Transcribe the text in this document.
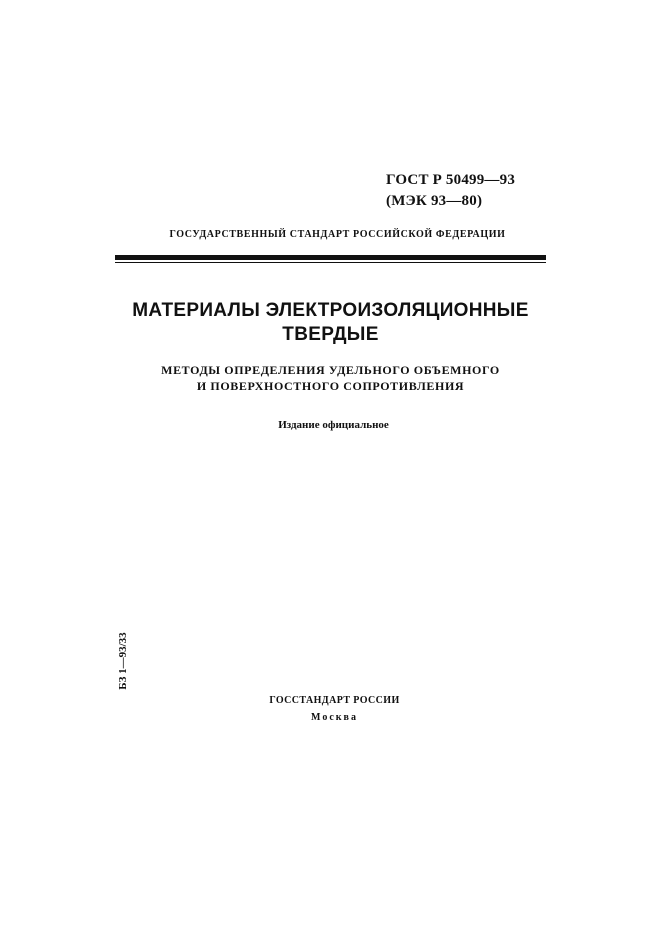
ГОСТ Р 50499—93
(МЭК 93—80)
ГОСУДАРСТВЕННЫЙ СТАНДАРТ РОССИЙСКОЙ ФЕДЕРАЦИИ
МАТЕРИАЛЫ ЭЛЕКТРОИЗОЛЯЦИОННЫЕ
ТВЕРДЫЕ
МЕТОДЫ ОПРЕДЕЛЕНИЯ УДЕЛЬНОГО ОБЪЕМНОГО
И ПОВЕРХНОСТНОГО СОПРОТИВЛЕНИЯ
Издание официальное
БЗ 1—93/33
ГОССТАНДАРТ РОССИИ
Москва
